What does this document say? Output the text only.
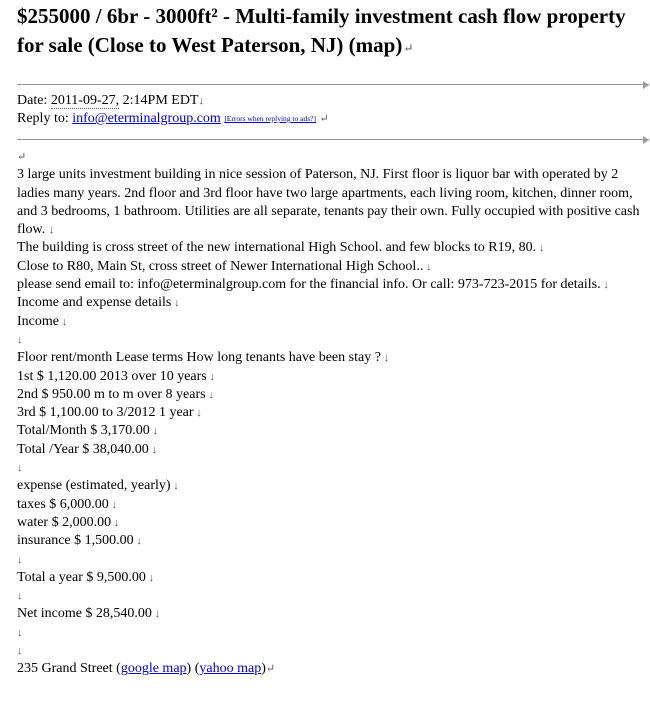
$255000 / 6br - 3000ft² - Multi-family investment cash flow property for sale (Close to West Paterson, NJ) (map)↵
Date: 2011-09-27, 2:14PM EDT↓
Reply to: info@eterminalgroup.com [Errors when replying to ads?] ↵
↵
3 large units investment building in nice session of Paterson, NJ. First floor is liquor bar with operated by 2 ladies many years. 2nd floor and 3rd floor have two large apartments, each living room, kitchen, dinner room, and 3 bedrooms, 1 bathroom. Utilities are all separate, tenants pay their own. Fully occupied with positive cash flow. ↓
The building is cross street of the new international High School. and few blocks to R19, 80. ↓
Close to R80, Main St, cross street of Newer International High School.. ↓
please send email to: info@eterminalgroup.com for the financial info. Or call: 973-723-2015 for details. ↓
Income and expense details ↓
Income ↓
↓
Floor rent/month Lease terms How long tenants have been stay ? ↓
1st $ 1,120.00 2013 over 10 years ↓
2nd $ 950.00 m to m over 8 years ↓
3rd $ 1,100.00 to 3/2012 1 year ↓
Total/Month $ 3,170.00 ↓
Total /Year $ 38,040.00 ↓
↓
expense (estimated, yearly) ↓
taxes $ 6,000.00 ↓
water $ 2,000.00 ↓
insurance $ 1,500.00 ↓
↓
Total a year $ 9,500.00 ↓
↓
Net income $ 28,540.00 ↓
↓
↓
235 Grand Street (google map) (yahoo map)↵
